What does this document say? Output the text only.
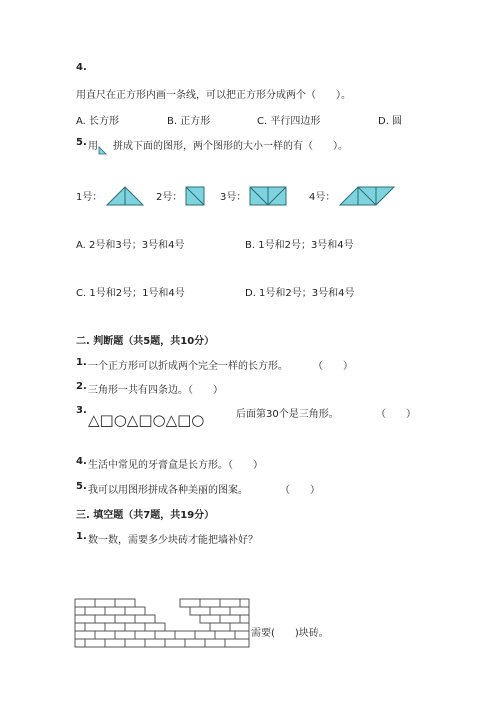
4.
用直尺在正方形内画一条线，可以把正方形分成两个（　　）。
A. 长方形	B. 正方形	C. 平行四边形	D. 圆
5. 用 拼成下面的图形，两个图形的大小一样的有（　　）。
1号：	2号：	3号：	4号：
A. 2号和3号；3号和4号	B. 1号和2号；3号和4号
C. 1号和2号；1号和4号	D. 1号和2号；3号和4号
二. 判断题（共5题，共10分）
1. 一个正方形可以折成两个完全一样的长方形。	（　　）
2. 三角形一共有四条边。（　　）
3.
△□○△□○△□○	后面第30个是三角形。	（　　）
4. 生活中常见的牙膏盒是长方形。（　　）
5. 我可以用图形拼成各种美丽的图案。	（　　）
三. 填空题（共7题，共19分）
1. 数一数，需要多少块砖才能把墙补好？
需要(　　)块砖。
